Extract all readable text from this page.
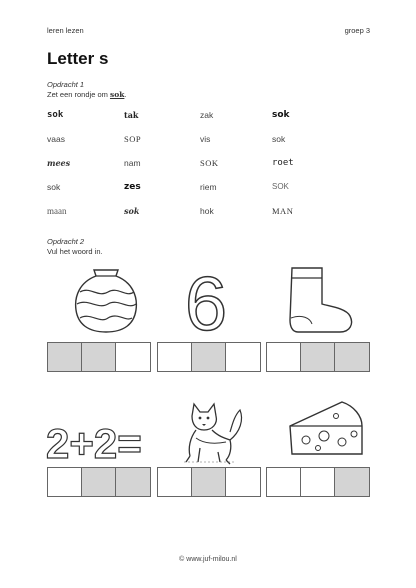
leren lezen	groep 3
Letter s
Opdracht 1
Zet een rondje om sok.
sok	tak	zak	sok
vaas	SOP	vis	sok
mees	nam	SOK	roet
sok	zes	riem	SOK
maan	sok	hok	MAN
Opdracht 2
Vul het woord in.
6
2+2=
© www.juf-milou.nl
